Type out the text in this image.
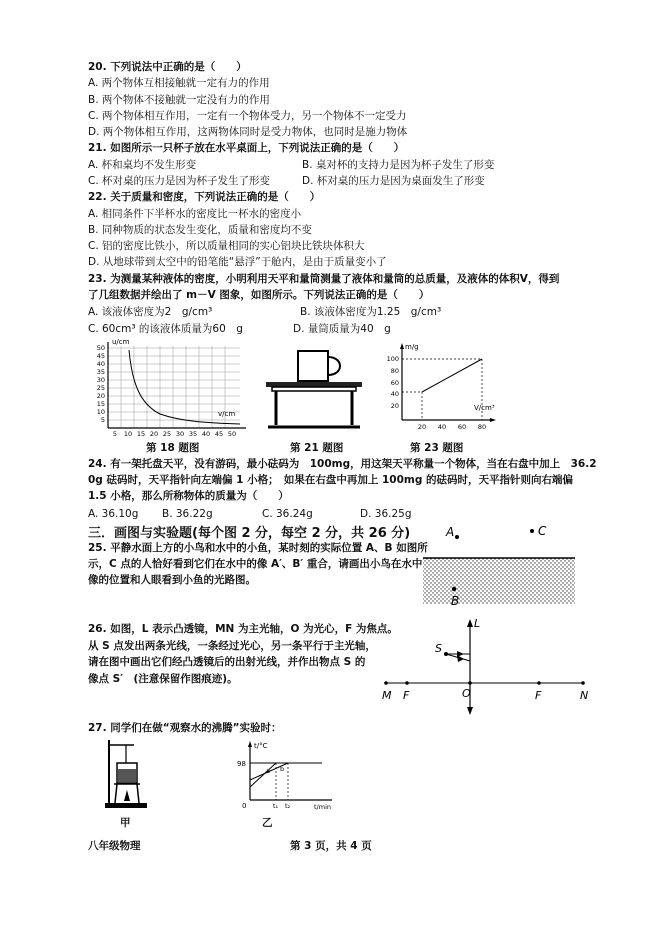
20. 下列说法中正确的是（　　）
A. 两个物体互相接触就一定有力的作用
B. 两个物体不接触就一定没有力的作用
C. 两个物体相互作用，一定有一个物体受力，另一个物体不一定受力
D. 两个物体相互作用，这两物体同时是受力物体，也同时是施力物体
21. 如图所示一只杯子放在水平桌面上，下列说法正确的是（　　）
A. 杯和桌均不发生形变	B. 桌对杯的支持力是因为杯子发生了形变
C. 杯对桌的压力是因为杯子发生了形变	D. 杯对桌的压力是因为桌面发生了形变
22. 关于质量和密度，下列说法正确的是（　　）
A. 相同条件下半杯水的密度比一杯水的密度小
B. 同种物质的状态发生变化，质量和密度均不变
C. 铝的密度比铁小，所以质量相同的实心铝块比铁块体积大
D. 从地球带到太空中的铅笔能“悬浮”于舱内，是由于质量变小了
23. 为测量某种液体的密度，小明利用天平和量筒测量了液体和量筒的总质量，及液体的体积V，得到
了几组数据并绘出了 m－V 图象，如图所示。下列说法正确的是（　　）
A. 该液体密度为2　g/cm³	B. 该液体密度为1.25　g/cm³
C. 60cm³ 的该液体质量为60　g	D. 量筒质量为40　g
u/cm
v/cm
50
45
40
35
30
25
20
15
10
5
5 10 15 20 25 30 35 40 45 50
第 18 题图	第 21 题图
m/g
V/cm³
100
80
60
40
20
20 40 60 80
第 23 题图
24. 有一架托盘天平，没有游码，最小砝码为　100mg，用这架天平称量一个物体，当在右盘中加上　36.2
0g 砝码时，天平指针向左端偏 1 小格；　如果在右盘中再加上 100mg 的砝码时，天平指针则向右端偏
1.5 小格，那么所称物体的质量为（　　）
A. 36.10g B. 36.22g	C. 36.24g	D. 36.25g
三．画图与实验题(每个图 2 分，每空 2 分，共 26 分)
25. 平静水面上方的小鸟和水中的小鱼，某时刻的实际位置 A、B 如图所
示，C 点的人恰好看到它们在水中的像 A′、B′ 重合，请画出小鸟在水中
像的位置和人眼看到小鱼的光路图。
A	C
B
26. 如图，L 表示凸透镜，MN 为主光轴，O 为光心，F 为焦点。
从 S 点发出两条光线，一条经过光心，另一条平行于主光轴，
请在图中画出它们经凸透镜后的出射光线，并作出物点 S 的
像点 S′　(注意保留作图痕迹)。
L
S
O
M F	F	N
27. 同学们在做“观察水的沸腾”实验时：
甲
t/°C
t/min
98
0	t₁ t₂
a b
乙
八年级物理	第 3 页，共 4 页
